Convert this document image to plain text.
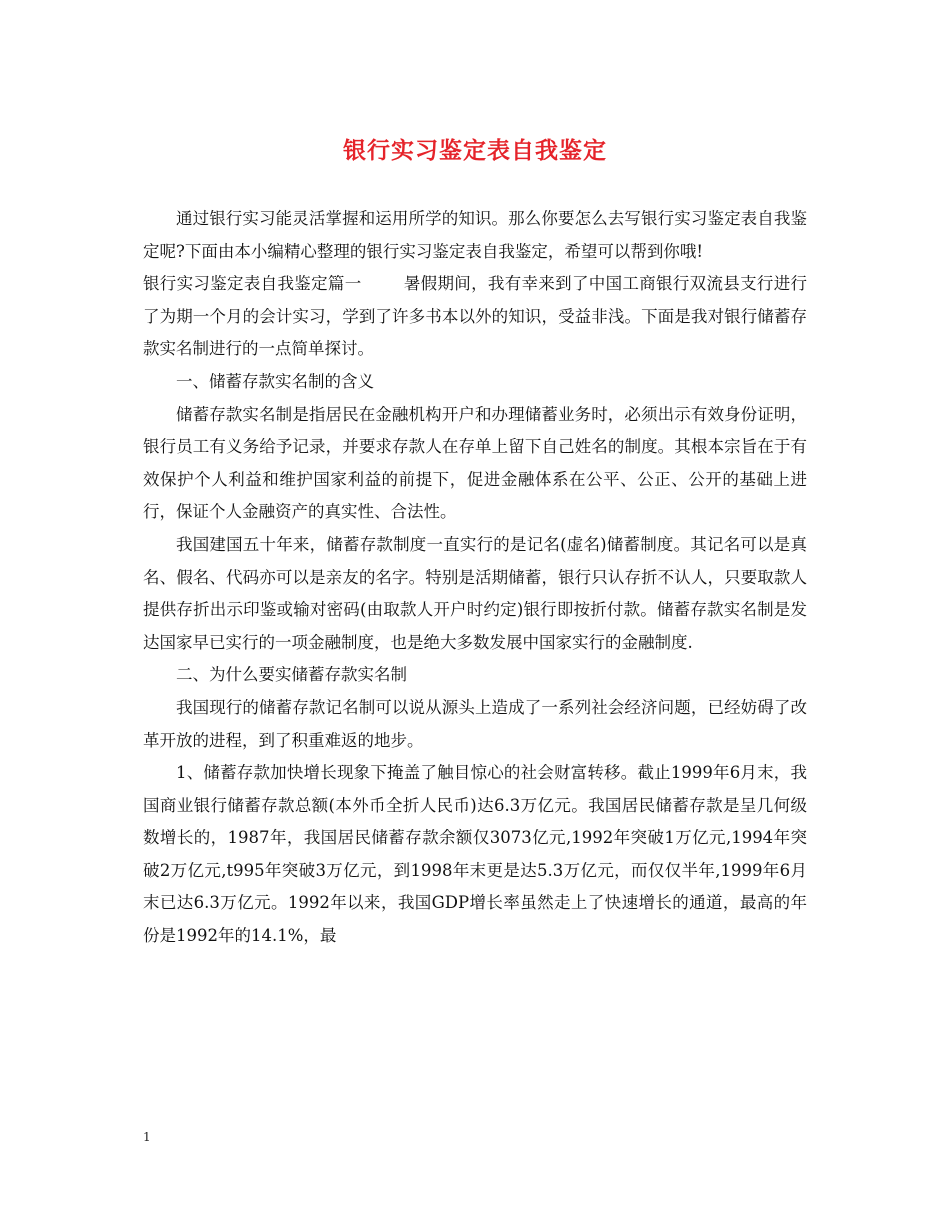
银行实习鉴定表自我鉴定

通过银行实习能灵活掌握和运用所学的知识。那么你要怎么去写银行实习鉴定表自我鉴定呢?下面由本小编精心整理的银行实习鉴定表自我鉴定，希望可以帮到你哦!

银行实习鉴定表自我鉴定篇一	暑假期间，我有幸来到了中国工商银行双流县支行进行了为期一个月的会计实习，学到了许多书本以外的知识，受益非浅。下面是我对银行储蓄存款实名制进行的一点简单探讨。

一、储蓄存款实名制的含义

储蓄存款实名制是指居民在金融机构开户和办理储蓄业务时，必须出示有效身份证明，银行员工有义务给予记录，并要求存款人在存单上留下自己姓名的制度。其根本宗旨在于有效保护个人利益和维护国家利益的前提下，促进金融体系在公平、公正、公开的基础上进行，保证个人金融资产的真实性、合法性。

我国建国五十年来，储蓄存款制度一直实行的是记名(虚名)储蓄制度。其记名可以是真名、假名、代码亦可以是亲友的名字。特别是活期储蓄，银行只认存折不认人，只要取款人提供存折出示印鉴或输对密码(由取款人开户时约定)银行即按折付款。储蓄存款实名制是发达国家早已实行的一项金融制度，也是绝大多数发展中国家实行的金融制度.

二、为什么要实储蓄存款实名制

我国现行的储蓄存款记名制可以说从源头上造成了一系列社会经济问题，已经妨碍了改革开放的进程，到了积重难返的地步。

1、储蓄存款加快增长现象下掩盖了触目惊心的社会财富转移。截止1999年6月末，我国商业银行储蓄存款总额(本外币全折人民币)达6.3万亿元。我国居民储蓄存款是呈几何级数增长的，1987年，我国居民储蓄存款余额仅3073亿元,1992年突破1万亿元,1994年突破2万亿元,t995年突破3万亿元，到1998年末更是达5.3万亿元，而仅仅半年,1999年6月末已达6.3万亿元。1992年以来，我国GDP增长率虽然走上了快速增长的通道，最高的年份是1992年的14.1%，最

1
